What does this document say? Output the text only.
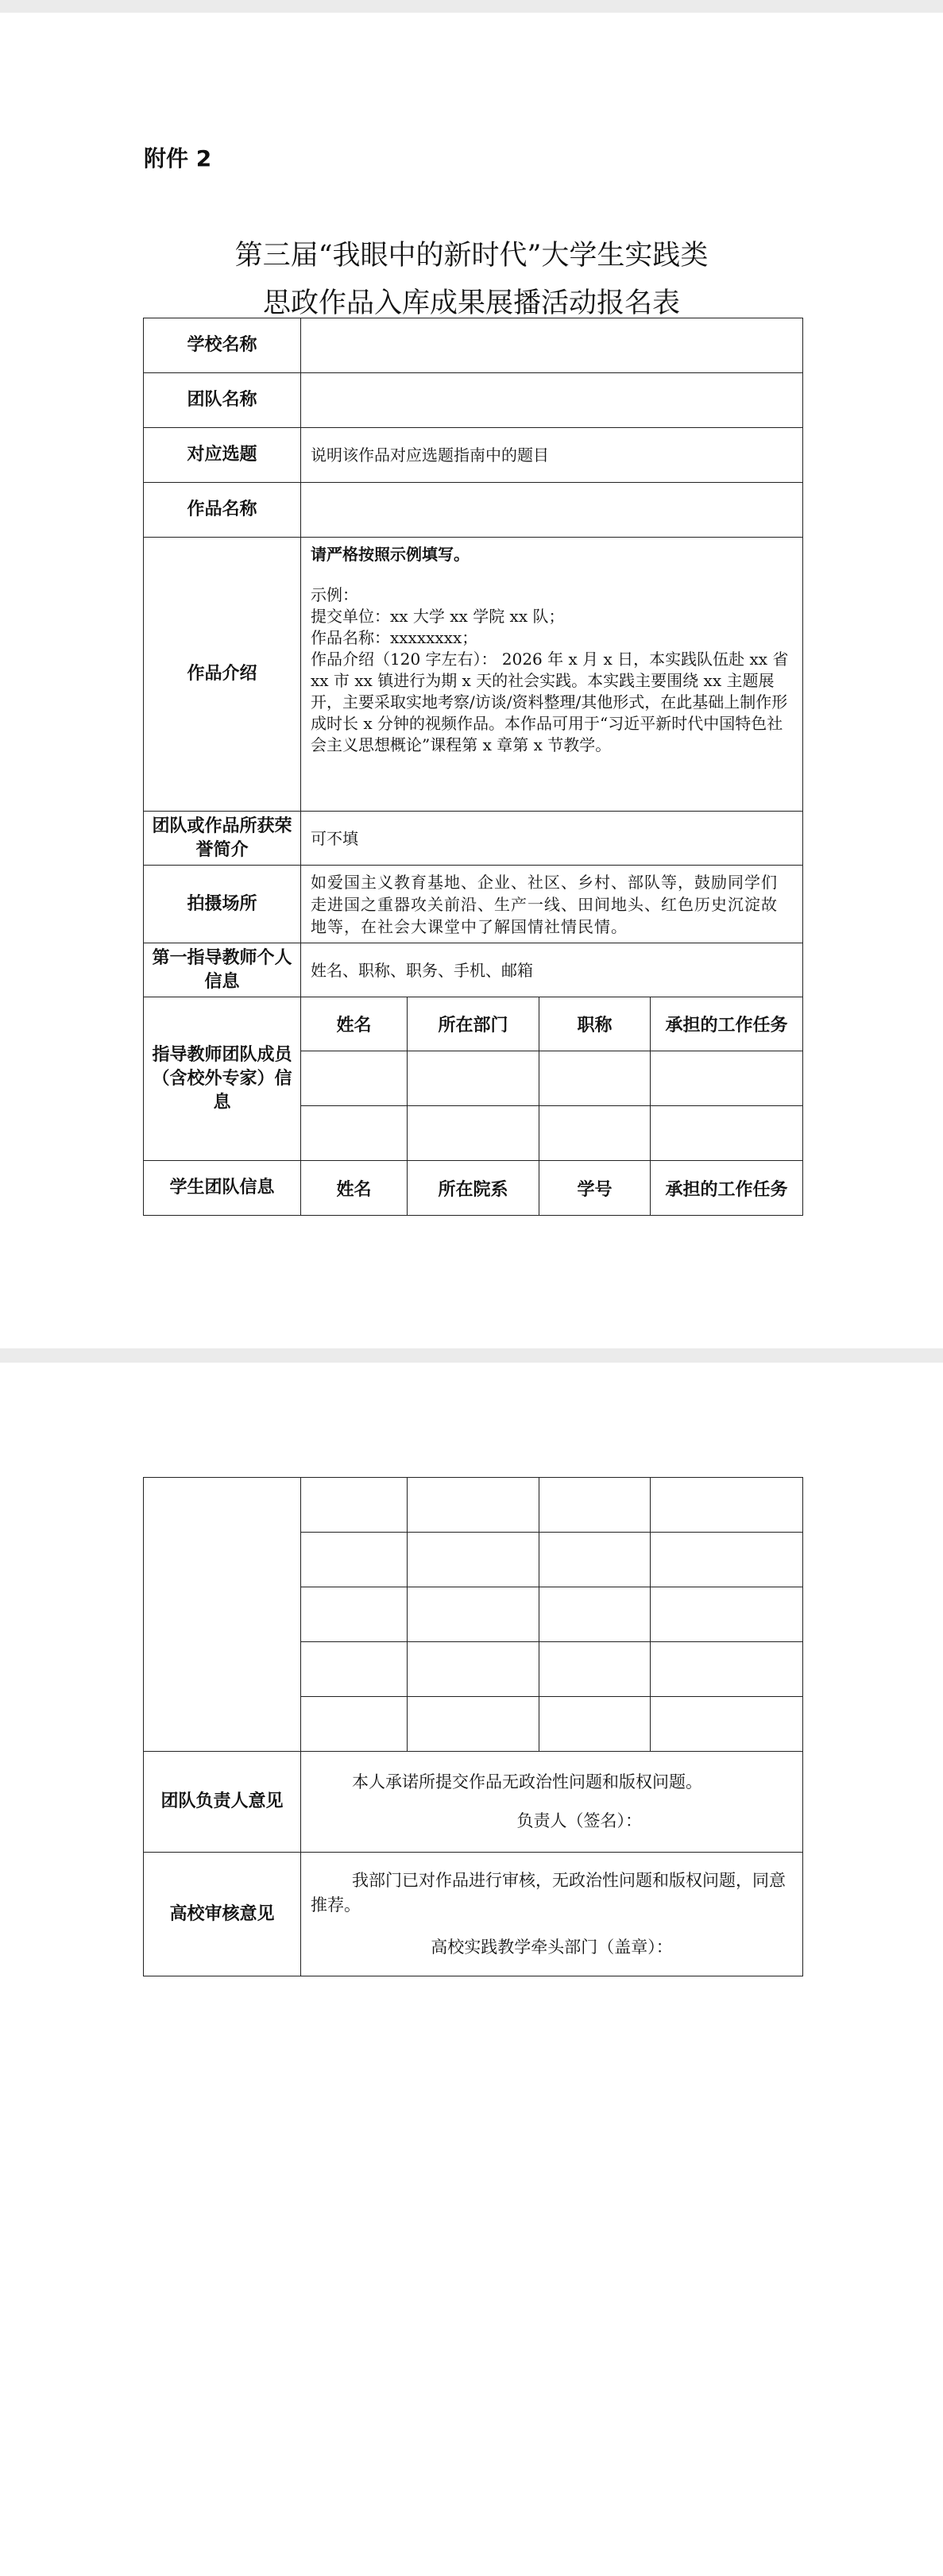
附件 2
第三届“我眼中的新时代”大学生实践类
思政作品入库成果展播活动报名表
学校名称				
团队名称				
对应选题	说明该作品对应选题指南中的题目			
作品名称				
作品介绍	请严格按照示例填写。
示例：
提交单位：xx 大学 xx 学院 xx 队；
作品名称：xxxxxxxx；
作品介绍（120 字左右）： 2026 年 x 月 x 日，本实践队伍赴 xx 省 xx 市 xx 镇进行为期 x 天的社会实践。本实践主要围绕 xx 主题展开，主要采取实地考察/访谈/资料整理/其他形式，在此基础上制作形成时长 x 分钟的视频作品。本作品可用于“习近平新时代中国特色社会主义思想概论”课程第 x 章第 x 节教学。			

团队或作品所获荣誉简介	可不填			
拍摄场所	如爱国主义教育基地、企业、社区、乡村、部队等，鼓励同学们走进国之重器攻关前沿、生产一线、田间地头、红色历史沉淀故地等，在社会大课堂中了解国情社情民情。			
第一指导教师个人信息	姓名、职称、职务、手机、邮箱			
指导教师团队成员（含校外专家）信息	姓名	所在部门	职称	承担的工作任务

学生团队信息	姓名	所在院系	学号	承担的工作任务

团队负责人意见	本人承诺所提交作品无政治性问题和版权问题。
负责人（签名）：			

高校审核意见	我部门已对作品进行审核，无政治性问题和版权问题，同意推荐。
高校实践教学牵头部门（盖章）：			
